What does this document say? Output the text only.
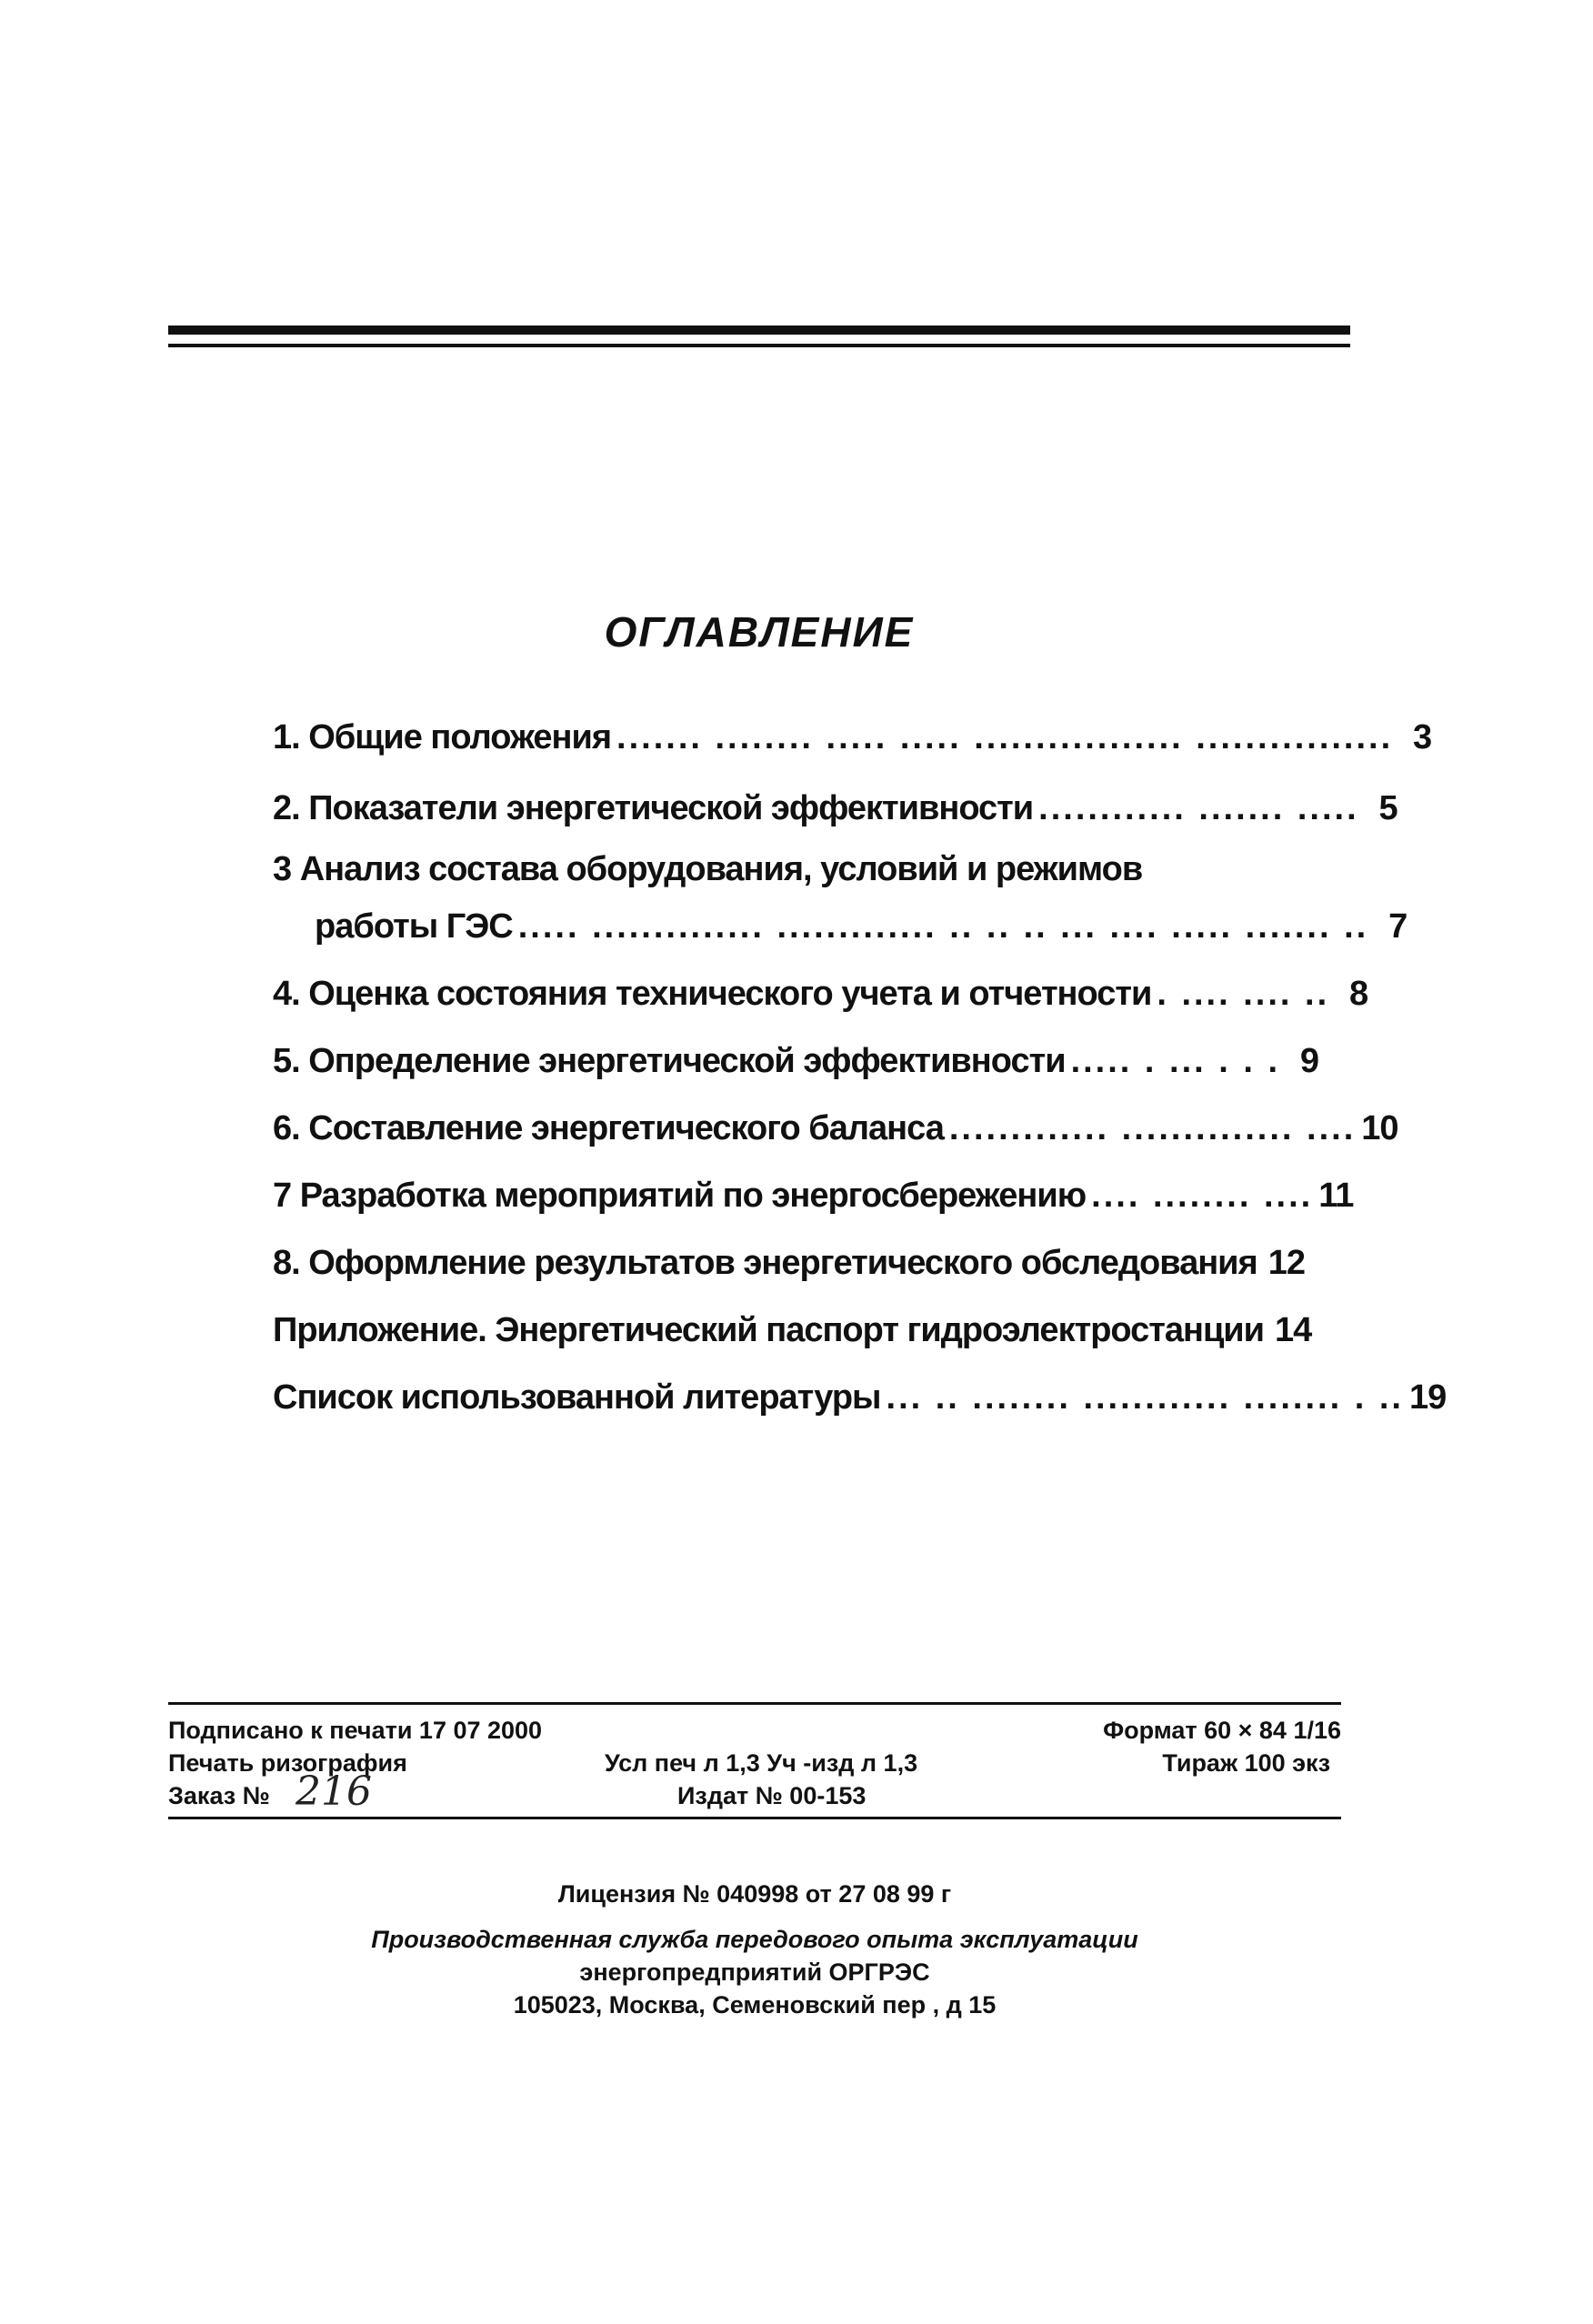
ОГЛАВЛЕНИЕ
1. Общие положения ....... ........ ..... ..... ................. ................ 3
2. Показатели энергетической эффективности ............ ....... ..... 5
3 Анализ состава оборудования, условий и режимов
работы ГЭС ..... .............. ............. .. .. .. ... .... ..... ....... .. 7
4. Оценка состояния технического учета и отчетности . .... .... .. 8
5. Определение энергетической эффективности ..... . ... . . . 9
6. Составление энергетического баланса ............. .............. .... 10
7 Разработка мероприятий по энергосбережению .... ........ .... 11
8. Оформление результатов энергетического обследования 12
Приложение. Энергетический паспорт гидроэлектростанции 14
Список использованной литературы ... .. ........ ............ ........ . .. 19
Подписано к печати 17 07 2000	Формат 60 × 84 1/16
Печать ризография	Усл печ л 1,3 Уч -изд л 1,3	Тираж 100 экз
Заказ № 216	Издат № 00-153
Лицензия № 040998 от 27 08 99 г
Производственная служба передового опыта эксплуатации
энергопредприятий ОРГРЭС
105023, Москва, Семеновский пер , д 15
